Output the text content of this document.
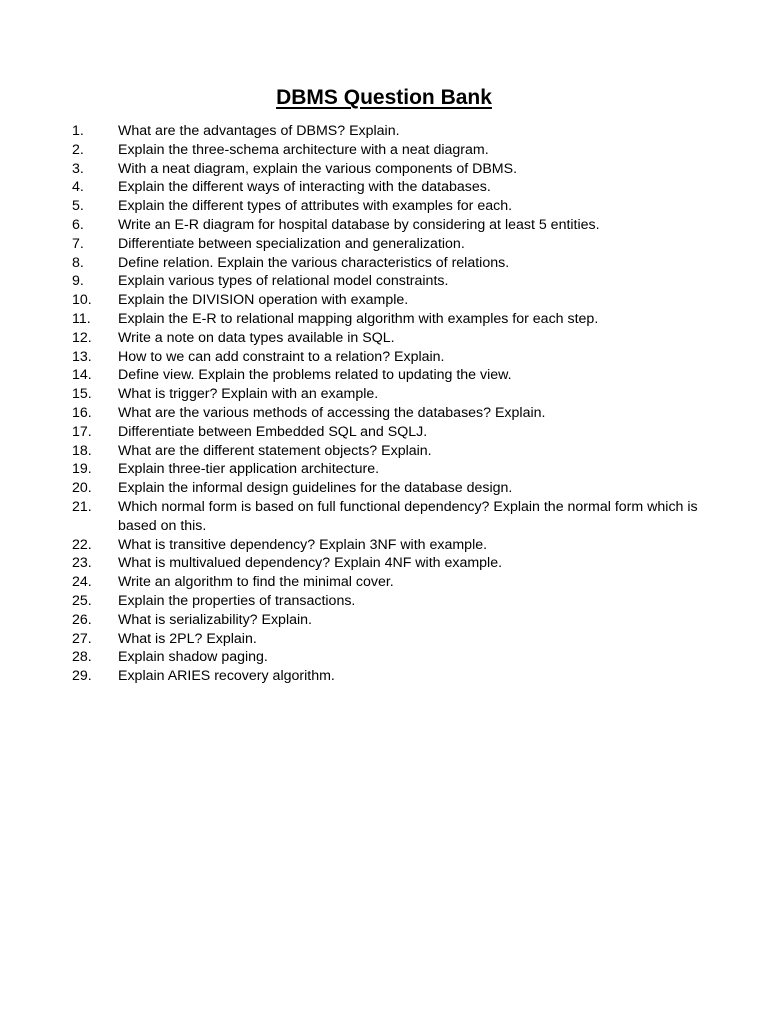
DBMS Question Bank
1.	What are the advantages of DBMS? Explain.
2.	Explain the three-schema architecture with a neat diagram.
3.	With a neat diagram, explain the various components of DBMS.
4.	Explain the different ways of interacting with the databases.
5.	Explain the different types of attributes with examples for each.
6.	Write an E-R diagram for hospital database by considering at least 5 entities.
7.	Differentiate between specialization and generalization.
8.	Define relation. Explain the various characteristics of relations.
9.	Explain various types of relational model constraints.
10.	Explain the DIVISION operation with example.
11.	Explain the E-R to relational mapping algorithm with examples for each step.
12.	Write a note on data types available in SQL.
13.	How to we can add constraint to a relation? Explain.
14.	Define view. Explain the problems related to updating the view.
15.	What is trigger? Explain with an example.
16.	What are the various methods of accessing the databases? Explain.
17.	Differentiate between Embedded SQL and SQLJ.
18.	What are the different statement objects? Explain.
19.	Explain three-tier application architecture.
20.	Explain the informal design guidelines for the database design.
21.	Which normal form is based on full functional dependency? Explain the normal form which is based on this.
22.	What is transitive dependency? Explain 3NF with example.
23.	What is multivalued dependency? Explain 4NF with example.
24.	Write an algorithm to find the minimal cover.
25.	Explain the properties of transactions.
26.	What is serializability? Explain.
27.	What is 2PL? Explain.
28.	Explain shadow paging.
29.	Explain ARIES recovery algorithm.
